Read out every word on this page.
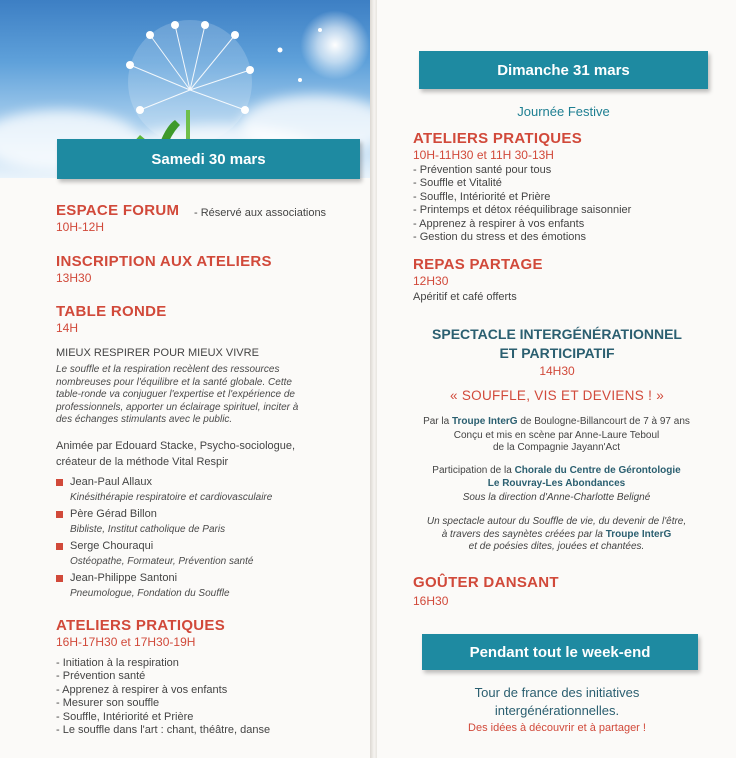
Samedi 30 mars
ESPACE FORUM - Réservé aux associations
10H-12H
INSCRIPTION AUX ATELIERS
13H30
TABLE RONDE
14H
MIEUX RESPIRER POUR MIEUX VIVRE
Le souffle et la respiration recèlent des ressources
nombreuses pour l'équilibre et la santé globale. Cette
table-ronde va conjuguer l'expertise et l'expérience de
professionnels, apporter un éclairage spirituel, inciter à
des échanges stimulants avec le public.
Animée par Edouard Stacke, Psycho-sociologue,
créateur de la méthode Vital Respir
Jean-Paul Allaux
Kinésithérapie respiratoire et cardiovasculaire
Père Gérad Billon
Bibliste, Institut catholique de Paris
Serge Chouraqui
Ostéopathe, Formateur, Prévention santé
Jean-Philippe Santoni
Pneumologue, Fondation du Souffle
ATELIERS PRATIQUES
16H-17H30 et 17H30-19H
- Initiation à la respiration
- Prévention santé
- Apprenez à respirer à vos enfants
- Mesurer son souffle
- Souffle, Intériorité et Prière
- Le souffle dans l'art : chant, théâtre, danse
Dimanche 31 mars
Journée Festive
ATELIERS PRATIQUES
10H-11H30 et 11H 30-13H
- Prévention santé pour tous
- Souffle et Vitalité
- Souffle, Intériorité et Prière
- Printemps et détox rééquilibrage saisonnier
- Apprenez à respirer à vos enfants
- Gestion du stress et des émotions
REPAS PARTAGE
12H30
Apéritif et café offerts
SPECTACLE INTERGÉNÉRATIONNEL
ET PARTICIPATIF
14H30
« SOUFFLE, VIS ET DEVIENS ! »
Par la Troupe InterG de Boulogne-Billancourt de 7 à 97 ans
Conçu et mis en scène par Anne-Laure Teboul
de la Compagnie Jayann'Act
Participation de la Chorale du Centre de Gérontologie
Le Rouvray-Les Abondances
Sous la direction d'Anne-Charlotte Beligné
Un spectacle autour du Souffle de vie, du devenir de l'être,
à travers des saynètes créées par la Troupe InterG
et de poésies dites, jouées et chantées.
GOÛTER DANSANT
16H30
Pendant tout le week-end
Tour de france des initiatives
intergénérationnelles.
Des idées à découvrir et à partager !
